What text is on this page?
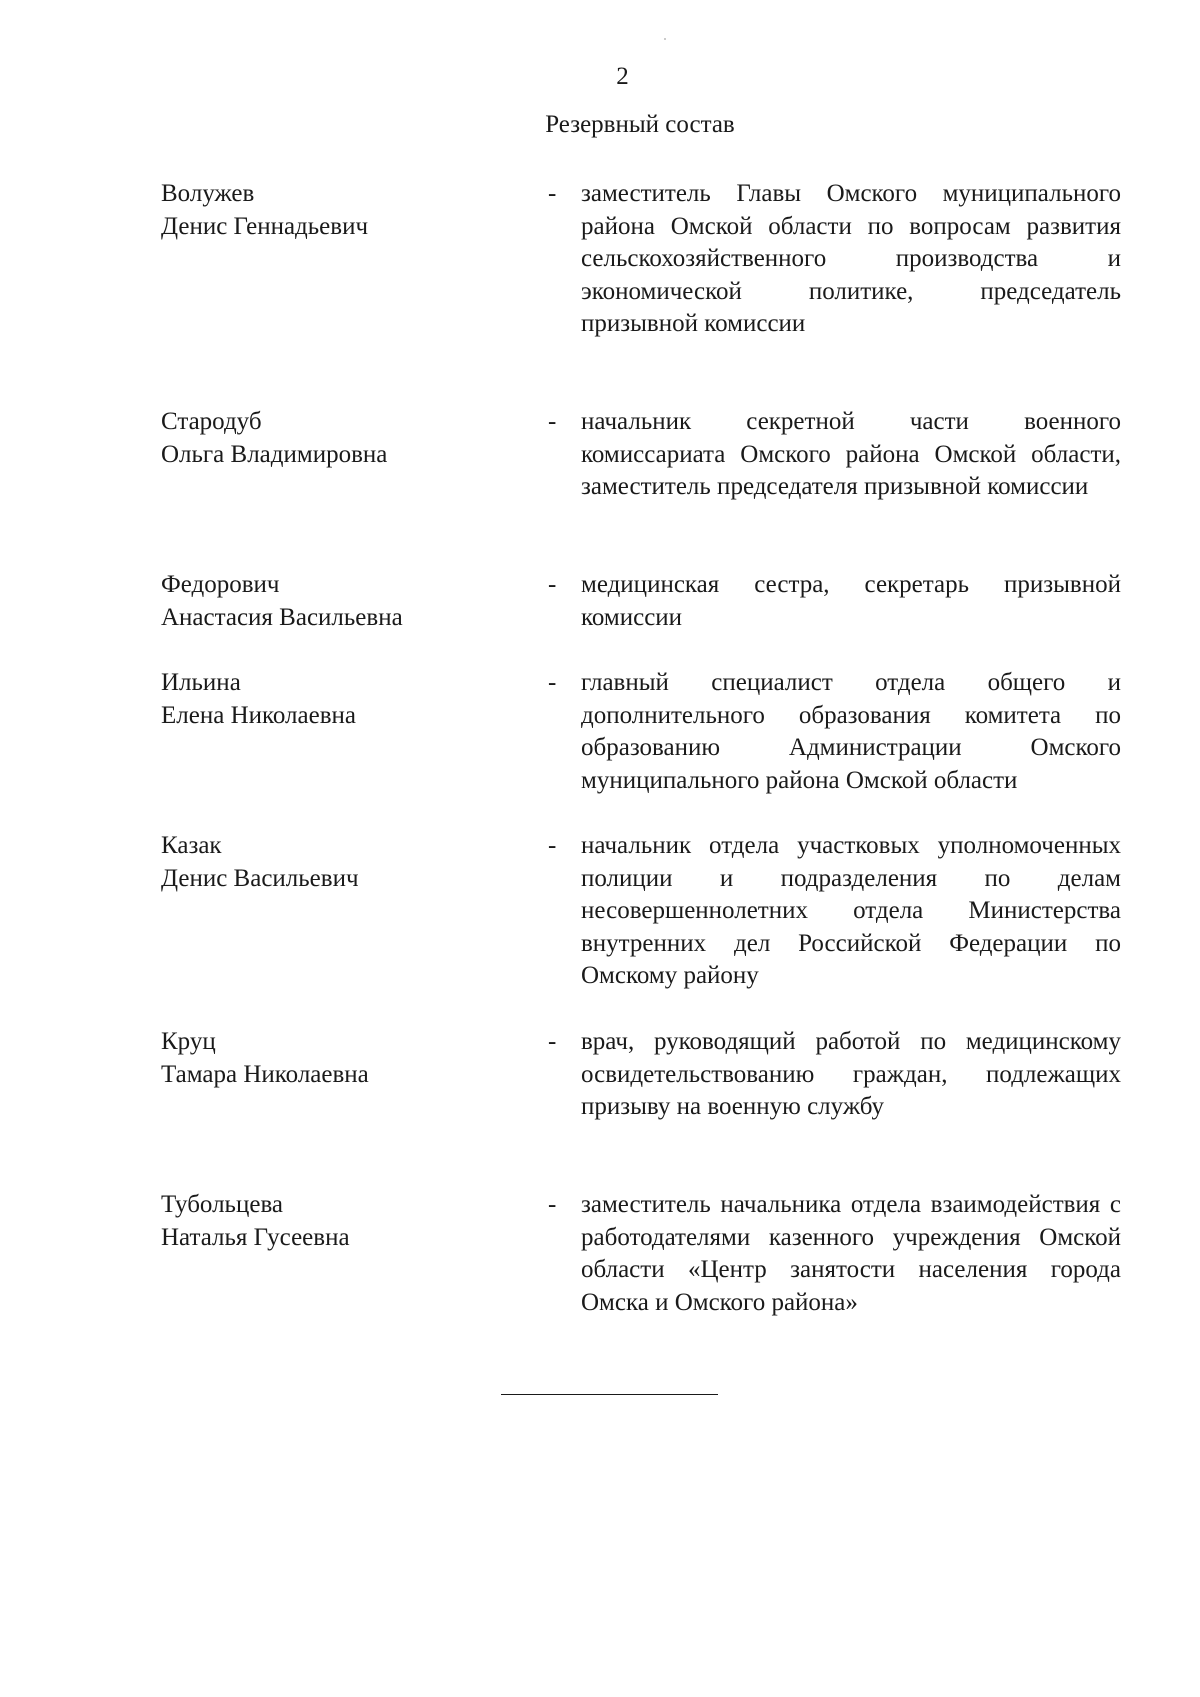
2
Резервный состав
Волужев
Денис Геннадьевич
- заместитель Главы Омского муниципального района Омской области по вопросам развития сельскохозяйственного производства и экономической политике, председатель призывной комиссии
Стародуб
Ольга Владимировна
- начальник секретной части военного комиссариата Омского района Омской области, заместитель председателя призывной комиссии
Федорович
Анастасия Васильевна
- медицинская сестра, секретарь призывной комиссии
Ильина
Елена Николаевна
- главный специалист отдела общего и дополнительного образования комитета по образованию Администрации Омского муниципального района Омской области
Казак
Денис Васильевич
- начальник отдела участковых уполномоченных полиции и подразделения по делам несовершеннолетних отдела Министерства внутренних дел Российской Федерации по Омскому району
Круц
Тамара Николаевна
- врач, руководящий работой по медицинскому освидетельствованию граждан, подлежащих призыву на военную службу
Тубольцева
Наталья Гусеевна
- заместитель начальника отдела взаимодействия с работодателями казенного учреждения Омской области «Центр занятости населения города Омска и Омского района»
